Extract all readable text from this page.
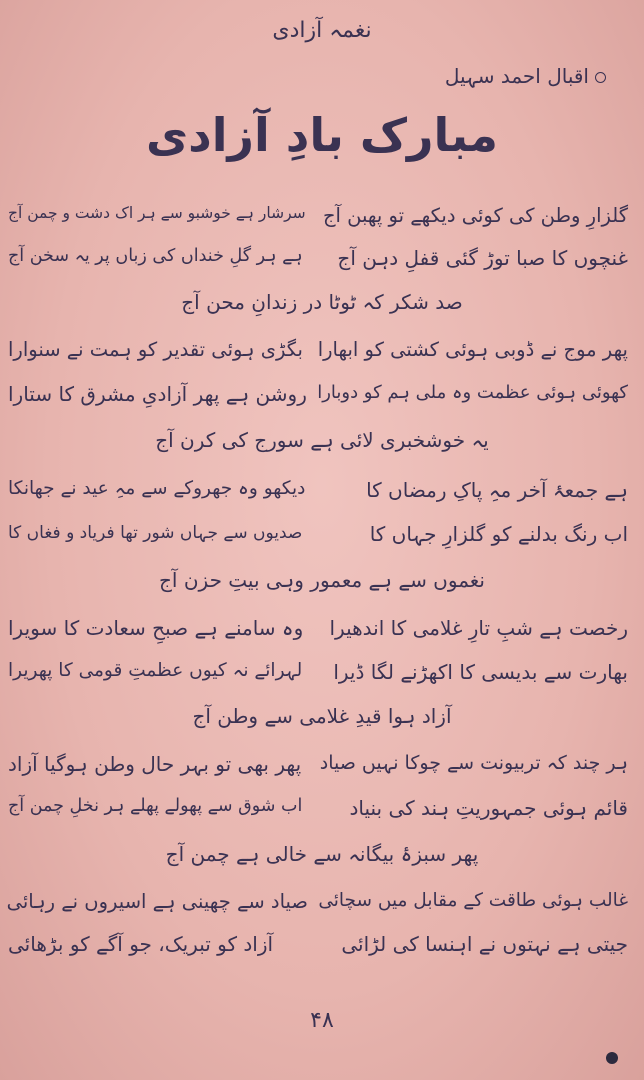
نغمہ آزادی
اقبال احمد سہیل
مبارک بادِ آزادی
گلزارِ وطن کی کوئی دیکھے تو پھبن آج
سرشار ہے خوشبو سے ہر اک دشت و چمن آج
غنچوں کا صبا توڑ گئی قفلِ دہن آج
ہے ہر گلِ خنداں کی زباں پر یہ سخن آج
صد شکر کہ ٹوٹا در زندانِ محن آج
پھر موج نے ڈوبی ہوئی کشتی کو ابھارا
بگڑی ہوئی تقدیر کو ہمت نے سنوارا
کھوئی ہوئی عظمت وہ ملی ہم کو دوبارا
روشن ہے پھر آزادیِ مشرق کا ستارا
یہ خوشخبری لائی ہے سورج کی کرن آج
ہے جمعۂ آخر مہِ پاکِ رمضاں کا
دیکھو وہ جھروکے سے مہِ عید نے جھانکا
اب رنگ بدلنے کو گلزارِ جہاں کا
صدیوں سے جہاں شور تھا فریاد و فغاں کا
نغموں سے ہے معمور وہی بیتِ حزن آج
رخصت ہے شبِ تارِ غلامی کا اندھیرا
وہ سامنے ہے صبحِ سعادت کا سویرا
بھارت سے بدیسی کا اکھڑنے لگا ڈیرا
لہرائے نہ کیوں عظمتِ قومی کا پھریرا
آزاد ہوا قیدِ غلامی سے وطن آج
ہر چند کہ تربیونت سے چوکا نہیں صیاد
پھر بھی تو بہر حال وطن ہوگیا آزاد
قائم ہوئی جمہوریتِ ہند کی بنیاد
اب شوق سے پھولے پھلے ہر نخلِ چمن آج
پھر سبزۂ بیگانہ سے خالی ہے چمن آج
غالب ہوئی طاقت کے مقابل میں سچائی
صیاد سے چھینی ہے اسیروں نے رہائی
جیتی ہے نہتوں نے اہنسا کی لڑائی
آزاد کو تبریک، جو آگے کو بڑھائی
۴۸
